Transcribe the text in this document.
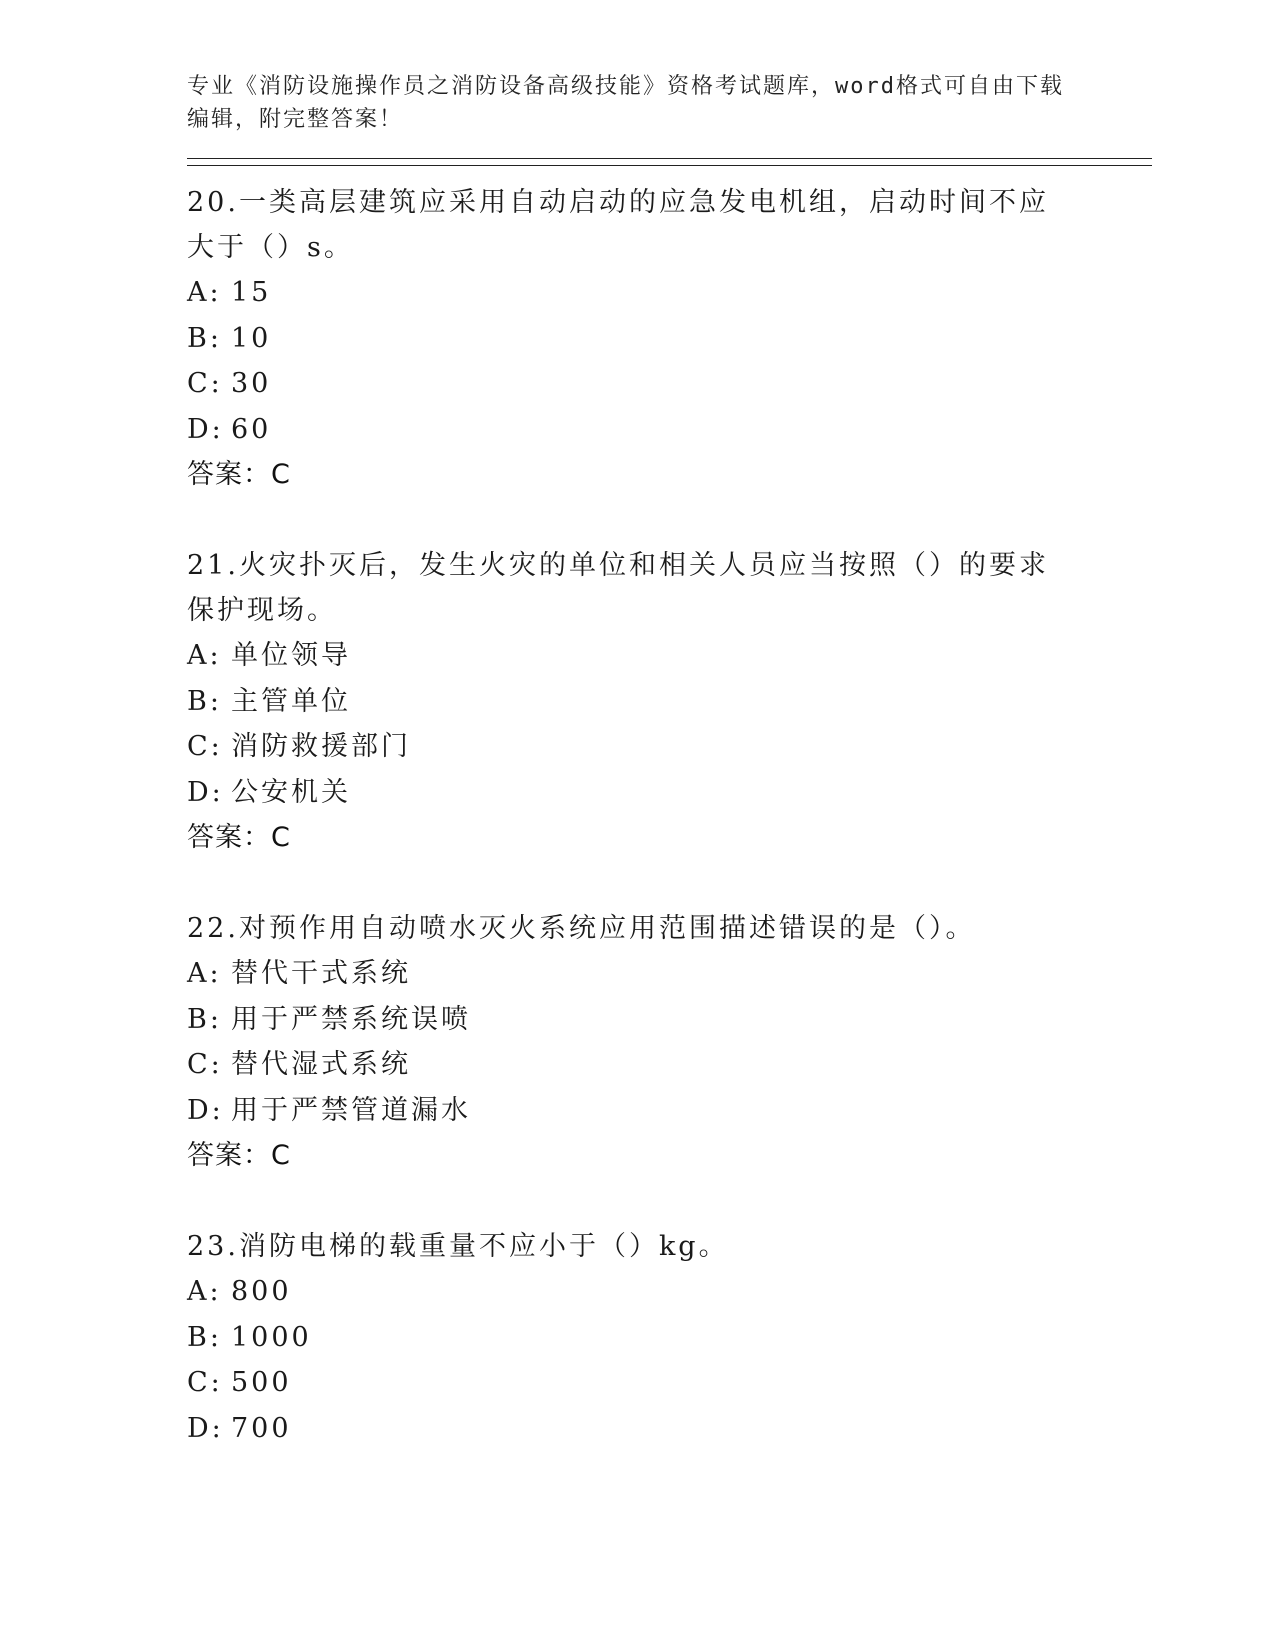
专业《消防设施操作员之消防设备高级技能》资格考试题库，word格式可自由下载编辑，附完整答案！
20.一类高层建筑应采用自动启动的应急发电机组，启动时间不应大于（）s。
A: 15
B: 10
C: 30
D: 60
答案：C
21.火灾扑灭后，发生火灾的单位和相关人员应当按照（）的要求保护现场。
A: 单位领导
B: 主管单位
C: 消防救援部门
D: 公安机关
答案：C
22.对预作用自动喷水灭火系统应用范围描述错误的是（）。
A: 替代干式系统
B: 用于严禁系统误喷
C: 替代湿式系统
D: 用于严禁管道漏水
答案：C
23.消防电梯的载重量不应小于（）kg。
A: 800
B: 1000
C: 500
D: 700
